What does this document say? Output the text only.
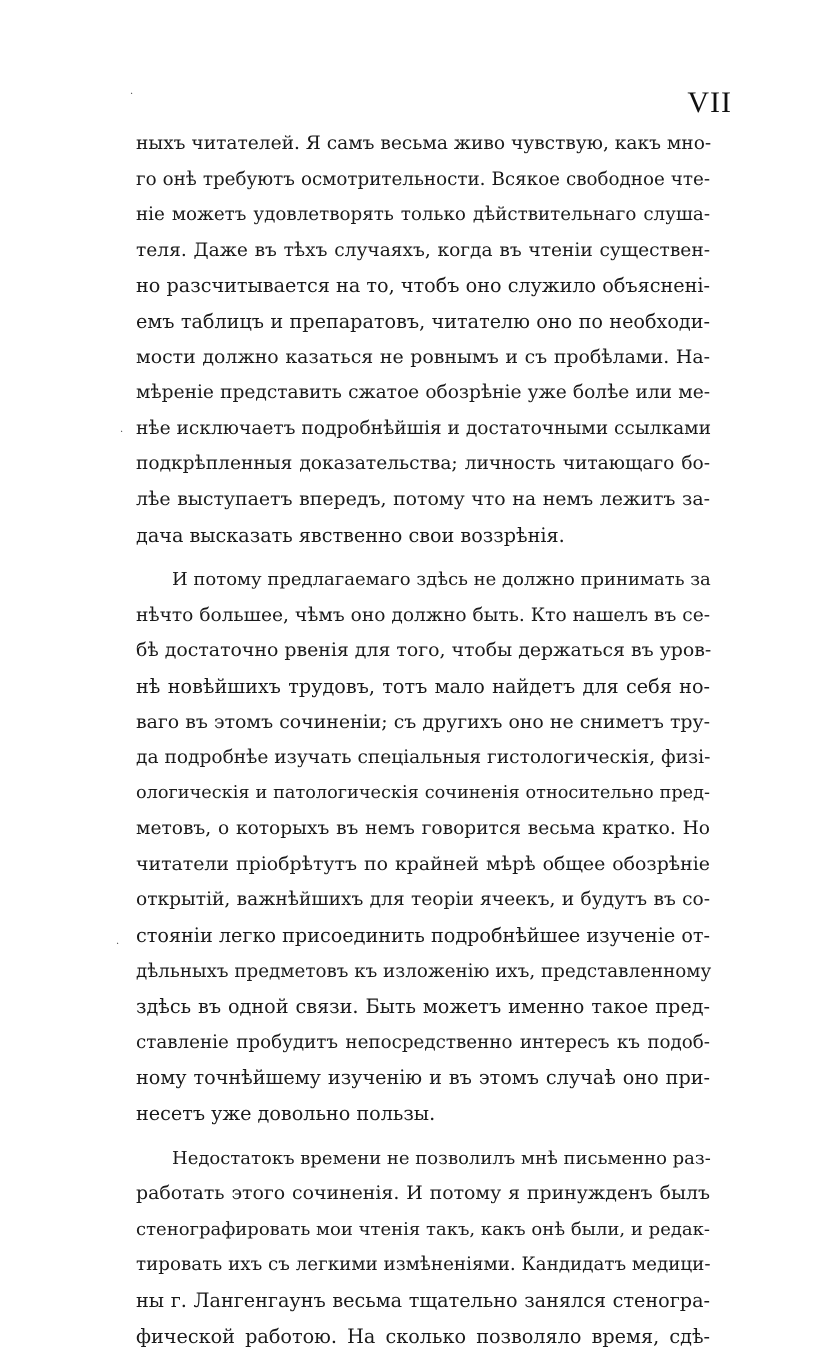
VII
ныхъ читателей. Я самъ весьма живо чувствую, какъ мно-
го онѣ требуютъ осмотрительности. Всякое свободное чте-
нiе можетъ удовлетворять только дѣйствительнаго слуша-
теля. Даже въ тѣхъ случаяхъ, когда въ чтенiи существен-
но разсчитывается на то, чтобъ оно служило объясненi-
емъ таблицъ и препаратовъ, читателю оно по необходи-
мости должно казаться не ровнымъ и съ пробѣлами. На-
мѣренiе представить сжатое обозрѣнiе уже болѣе или ме-
нѣе исключаетъ подробнѣйшiя и достаточными ссылками
подкрѣпленныя доказательства; личность читающаго бо-
лѣе выступаетъ впередъ, потому что на немъ лежитъ за-
дача высказать явственно свои воззрѣнiя.
И потому предлагаемаго здѣсь не должно принимать за
нѣчто большее, чѣмъ оно должно быть. Кто нашелъ въ се-
бѣ достаточно рвенiя для того, чтобы держаться въ уров-
нѣ новѣйшихъ трудовъ, тотъ мало найдетъ для себя но-
ваго въ этомъ сочиненiи; съ другихъ оно не сниметъ тру-
да подробнѣе изучать спецiальныя гистологическiя, физi-
ологическiя и патологическiя сочиненiя относительно пред-
метовъ, о которыхъ въ немъ говорится весьма кратко. Но
читатели прiобрѣтутъ по крайней мѣрѣ общее обозрѣнiе
открытiй, важнѣйшихъ для теорiи ячеекъ, и будутъ въ со-
стоянiи легко присоединить подробнѣйшее изученiе от-
дѣльныхъ предметовъ къ изложенiю ихъ, представленному
здѣсь въ одной связи. Быть можетъ именно такое пред-
ставленiе пробудитъ непосредственно интересъ къ подоб-
ному точнѣйшему изученiю и въ этомъ случаѣ оно при-
несетъ уже довольно пользы.
Недостатокъ времени не позволилъ мнѣ письменно раз-
работать этого сочиненiя. И потому я принужденъ былъ
стенографировать мои чтенiя такъ, какъ онѣ были, и редак-
тировать ихъ съ легкими измѣненiями. Кандидатъ медици-
ны г. Лангенгаунъ весьма тщательно занялся стеногра-
фической работою. На сколько позволяло время, сдѣ-
·
·
·
